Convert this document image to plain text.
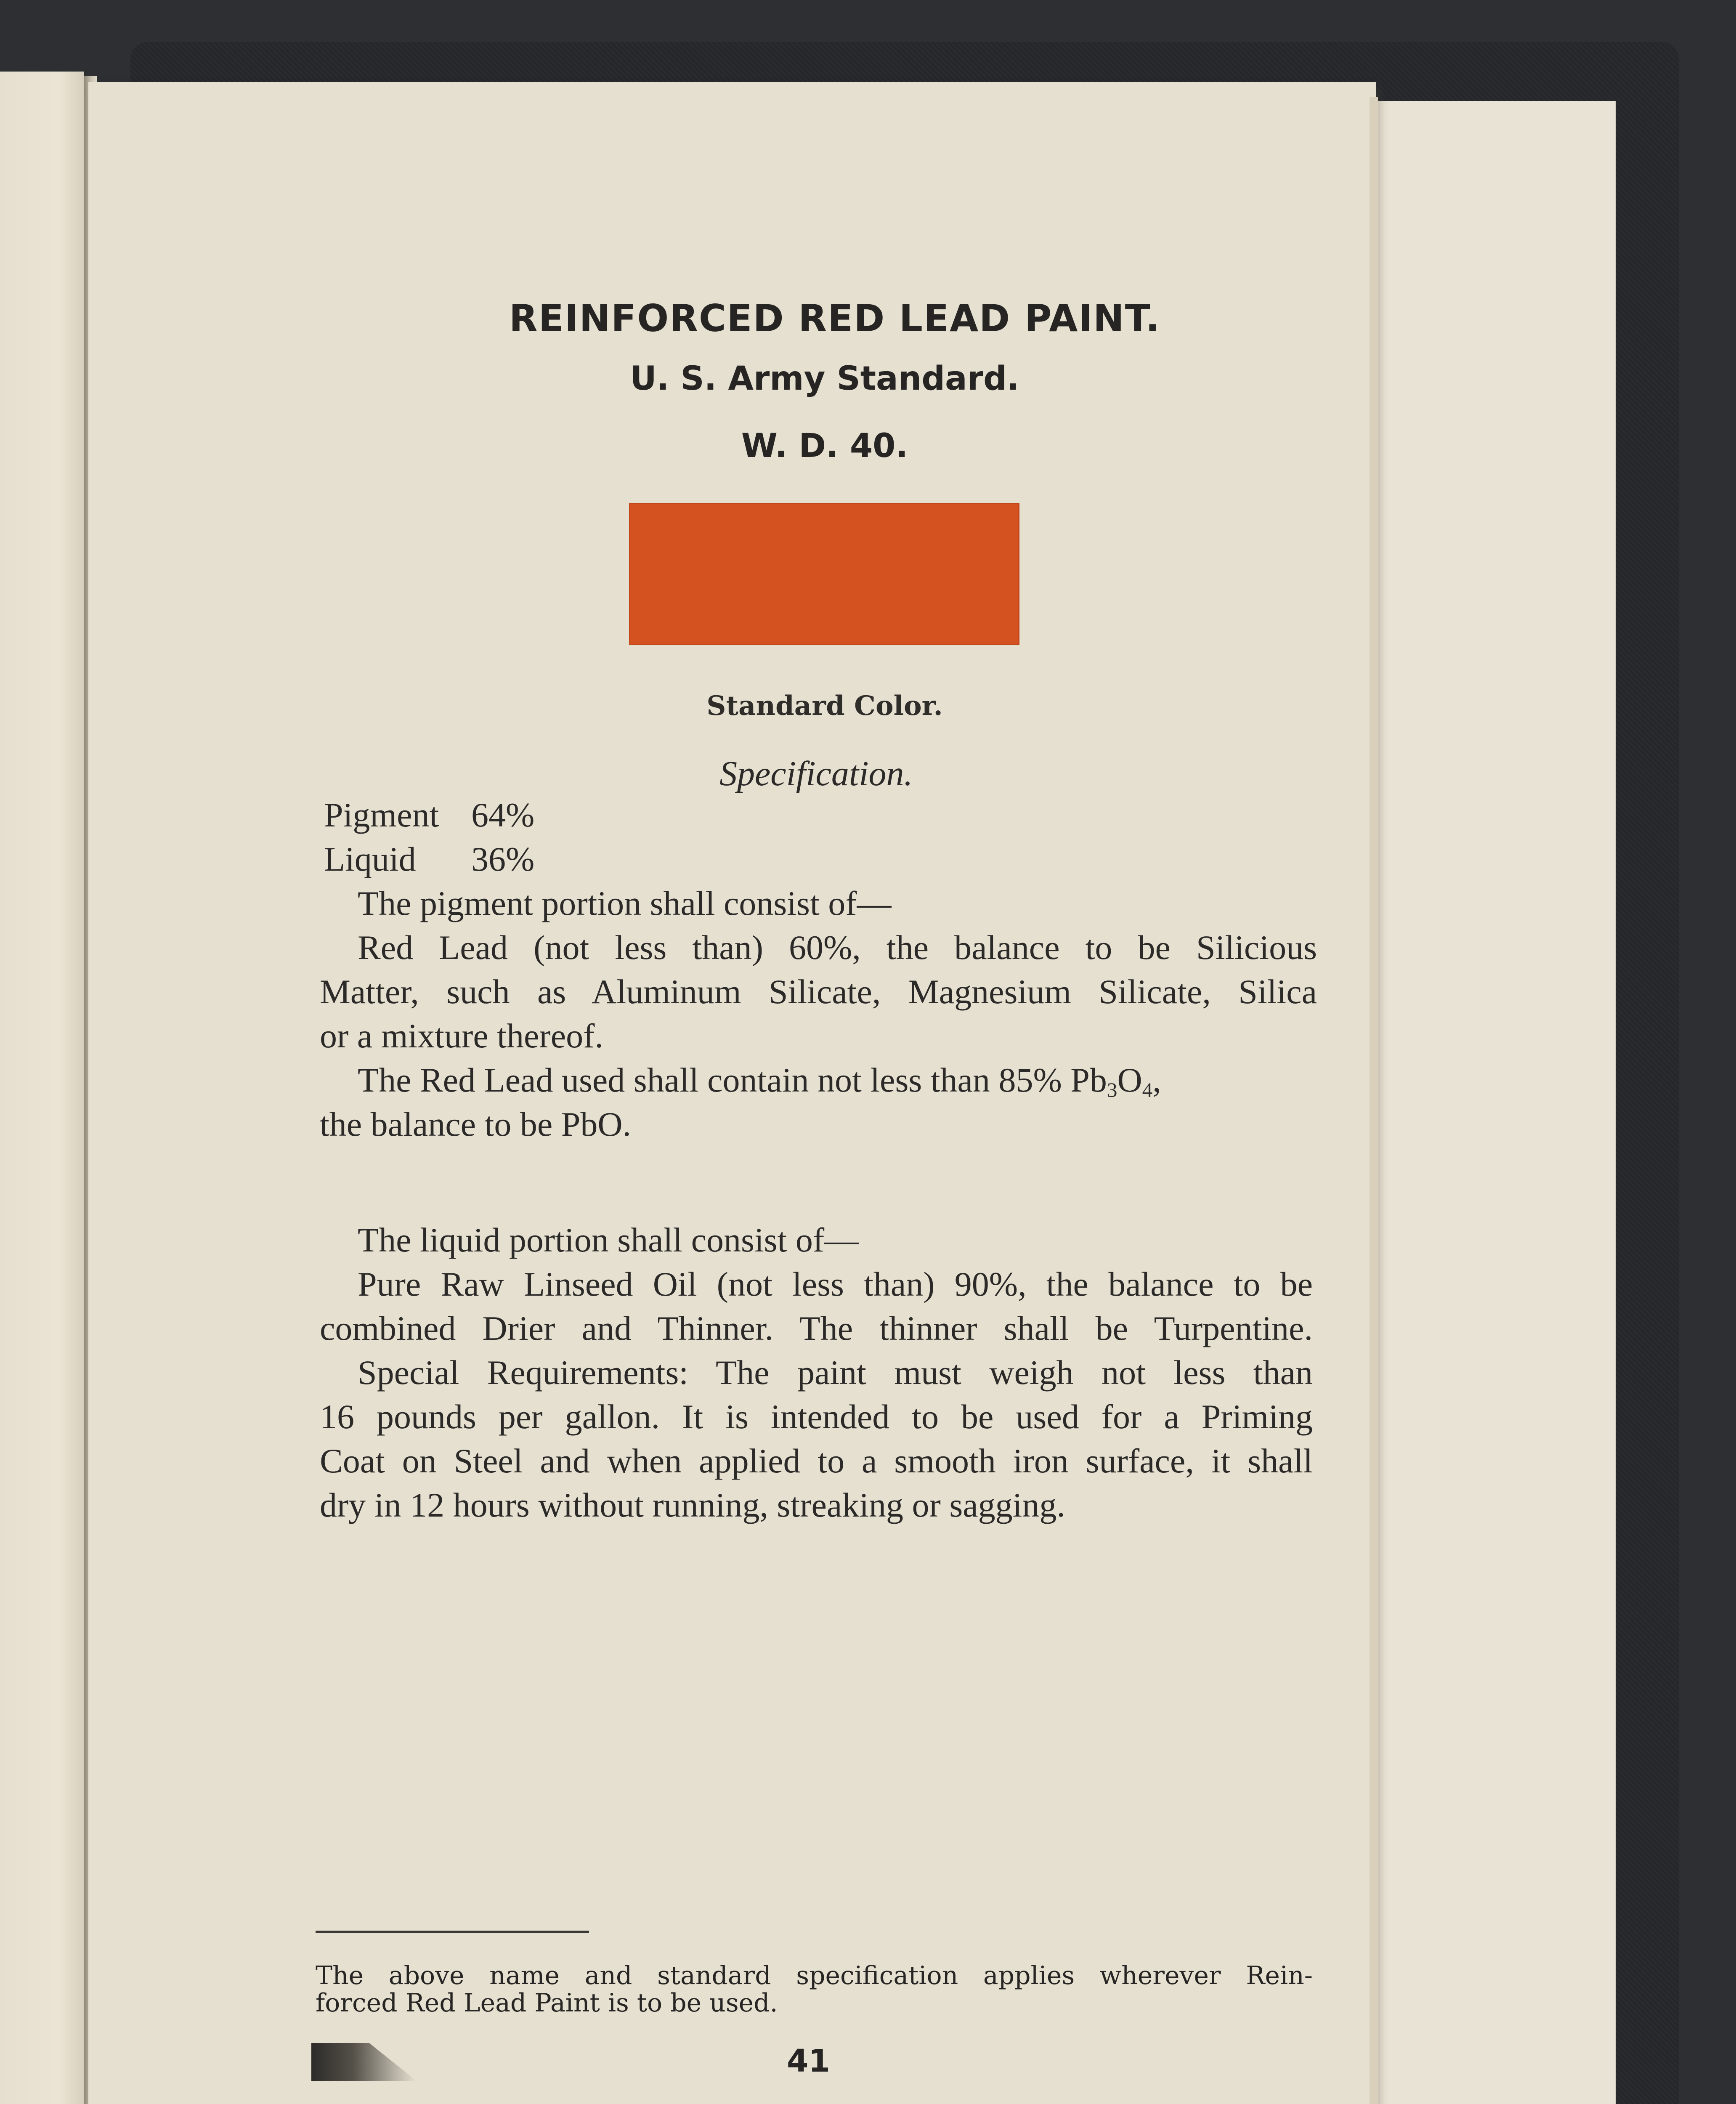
REINFORCED RED LEAD PAINT.
U. S. Army Standard.
W. D. 40.
Standard Color.
Specification.
Pigment 64%
Liquid 36%
The pigment portion shall consist of—
Red Lead (not less than) 60%, the balance to be Silicious
Matter, such as Aluminum Silicate, Magnesium Silicate, Silica
or a mixture thereof.
The Red Lead used shall contain not less than 85% $Pb_3O_4$,
the balance to be PbO.
The liquid portion shall consist of—
Pure Raw Linseed Oil (not less than) 90%, the balance to be
combined Drier and Thinner. The thinner shall be Turpentine.
Special Requirements: The paint must weigh not less than
16 pounds per gallon. It is intended to be used for a Priming
Coat on Steel and when applied to a smooth iron surface, it shall
dry in 12 hours without running, streaking or sagging.
The above name and standard specification applies wherever Rein-
forced Red Lead Paint is to be used.
41
